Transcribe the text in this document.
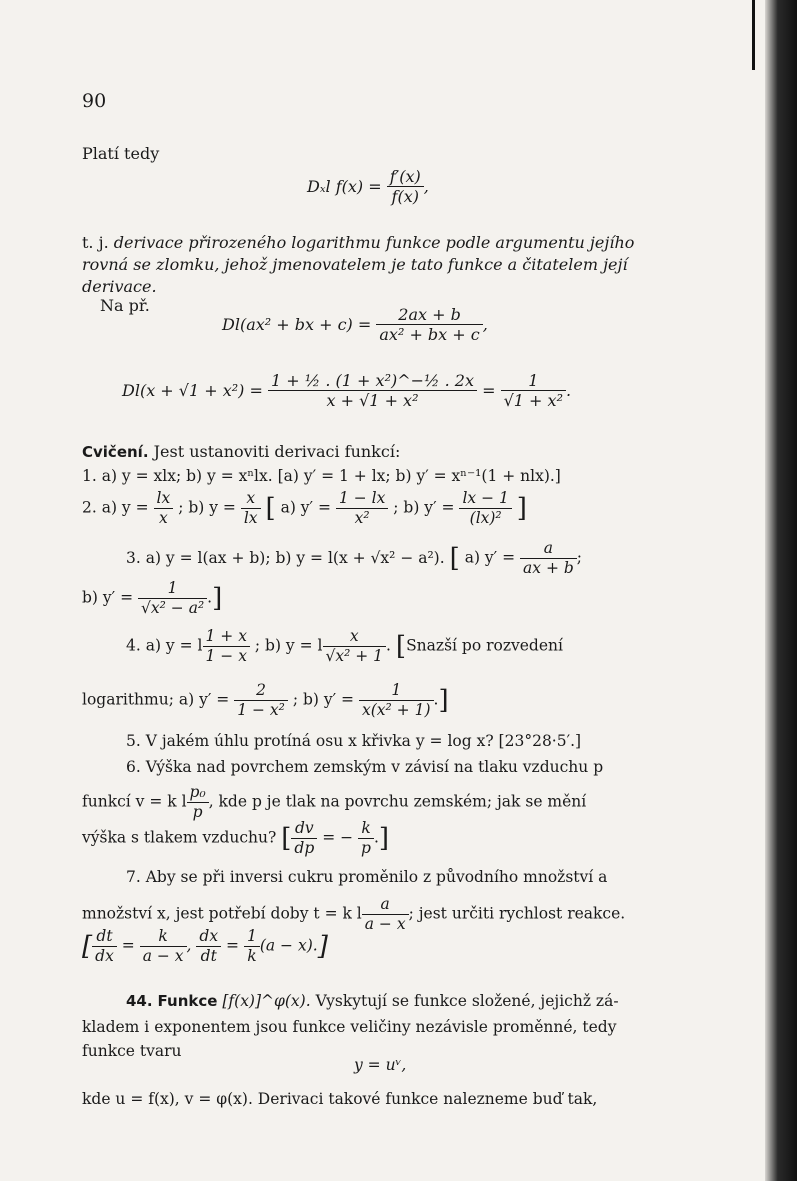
90
Platí tedy
Dₓl $f(x) = \frac{f'(x)}{f(x)}$ ,
t. j. derivace přirozeného logarithmu funkce podle argumentu jejího rovná se zlomku, jehož jmenovatelem je tato funkce a čitatelem její derivace.
Na př.
Dl(ax² + bx + $c) = \frac{2ax + b}{\text{ax² + bx + c}}$ ,
$Dl(x + √1 + x^2) = \frac{\text{1 + ½ . (1 + x²)\textasciicircum{}−½ . 2x}}{\text{x + √1 + x²}} = \frac{1}{\text{√1 + x²}}$ .
Cvičení. Jest ustanoviti derivaci funkcí:
1. a) y = xlx; b) y = xⁿlx. [a) y′ = 1 + lx; b) y′ = xⁿ⁻¹(1 + nlx).]
2. a) $y = \frac{lx}{x}$ ; b) $y = \frac{x}{lx}$ [ a) $y' = \frac{1 - lx}{\text{x²}}$ ; b) $y' = \frac{lx - 1}{\text{(lx)²}}$ ]
3. a) y = l(ax + b); b) y = l(x + √x² − a²). [ a) $y' = \frac{a}{ax + b}$ ;
b) $y' = \frac{1}{\text{√x² − a²}}$ .]
4. a) y = l $\frac{1 + x}{1 - x}$ ; b) y = l $\frac{x}{\text{√x² + 1}}$ . [Snazší po rozvedení
logarithmu; a) $y' = \frac{2}{\text{1 − x²}}$ ; b) $y' = \frac{1}{\text{x(x² + 1)}}$ .]
5. V jakém úhlu protíná osu x křivka y = log x? [23°28·5′.]
6. Výška nad povrchem zemským v závisí na tlaku vzduchu p
funkcí v = k l $\frac{\text{p₀}}{p}$ , kde p je tlak na povrchu zemském; jak se mění
výška s tlakem vzduchu? [ $\frac{dv}{dp}$ = − $\frac{k}{p}$ .]
7. Aby se při inversi cukru proměnilo z původního množství a
množství x, jest potřebí doby t = k l $\frac{a}{a - x}$ ; jest určiti rychlost reakce.
[ $\frac{dt}{dx} = \frac{k}{a - x}$ , $\frac{dx}{dt} = \frac{1}{k} (a - x)$.]
44. Funkce [f(x)]^φ(x). Vyskytují se funkce složené, jejichž zá-
kladem i exponentem jsou funkce veličiny nezávisle proměnné, tedy
funkce tvaru
y = uᵛ,
kde u = f(x), v = φ(x). Derivaci takové funkce nalezneme buď tak,
